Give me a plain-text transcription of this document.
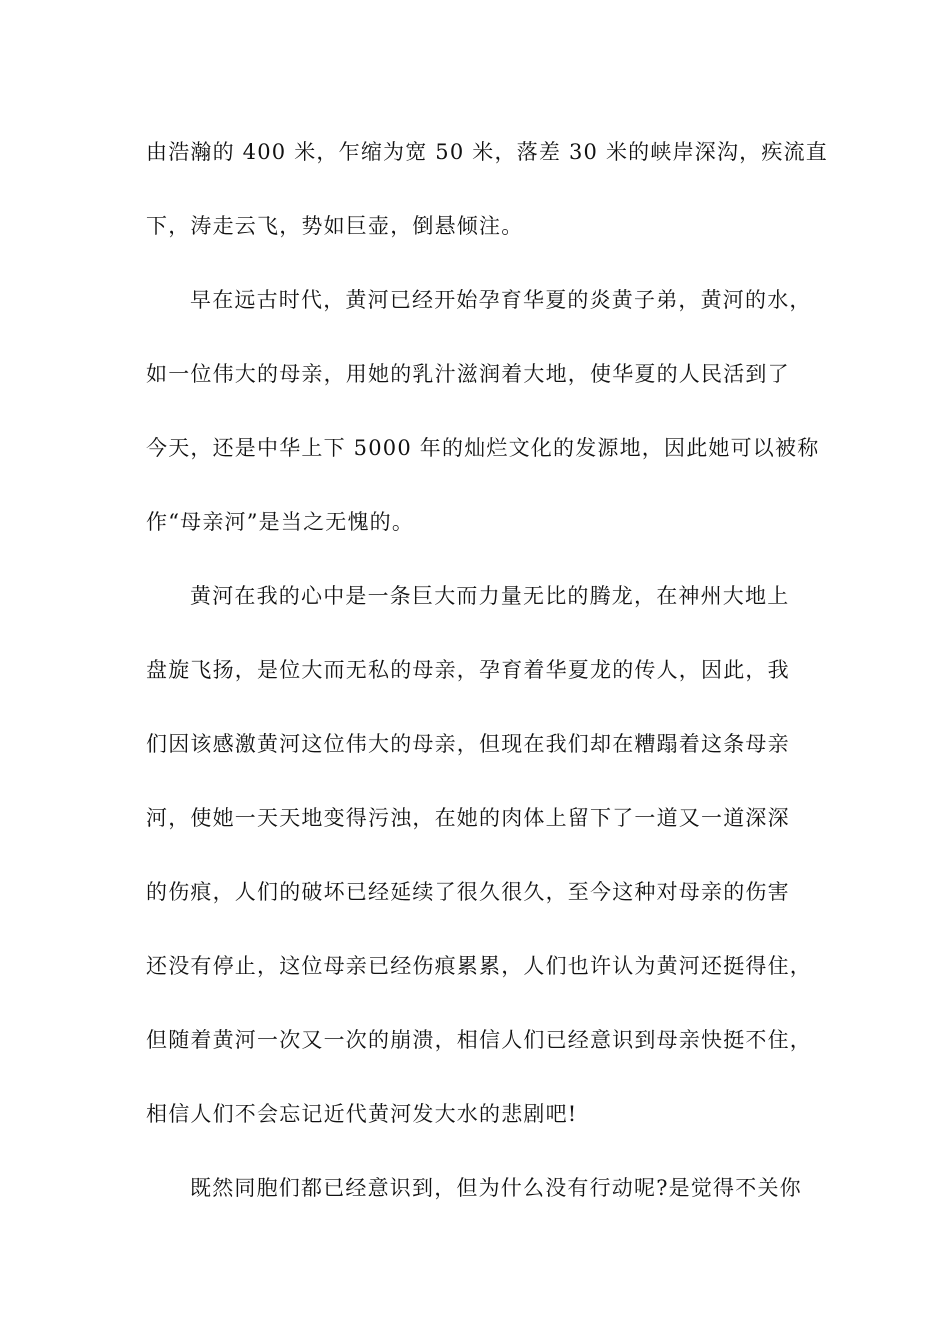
由浩瀚的 400 米，乍缩为宽 50 米，落差 30 米的峡岸深沟，疾流直
下，涛走云飞，势如巨壶，倒悬倾注。
早在远古时代，黄河已经开始孕育华夏的炎黄子弟，黄河的水，
如一位伟大的母亲，用她的乳汁滋润着大地，使华夏的人民活到了
今天，还是中华上下 5000 年的灿烂文化的发源地，因此她可以被称
作“母亲河”是当之无愧的。
黄河在我的心中是一条巨大而力量无比的腾龙，在神州大地上
盘旋飞扬，是位大而无私的母亲，孕育着华夏龙的传人，因此，我
们因该感激黄河这位伟大的母亲，但现在我们却在糟蹋着这条母亲
河，使她一天天地变得污浊，在她的肉体上留下了一道又一道深深
的伤痕，人们的破坏已经延续了很久很久，至今这种对母亲的伤害
还没有停止，这位母亲已经伤痕累累，人们也许认为黄河还挺得住，
但随着黄河一次又一次的崩溃，相信人们已经意识到母亲快挺不住，
相信人们不会忘记近代黄河发大水的悲剧吧!
既然同胞们都已经意识到，但为什么没有行动呢?是觉得不关你
